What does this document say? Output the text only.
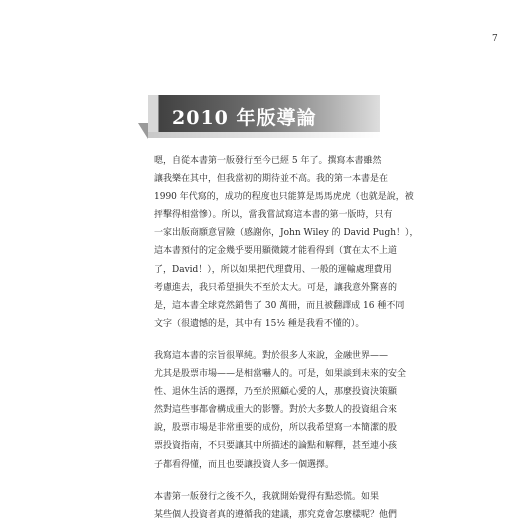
7
2010 年版導論

嗯，自從本書第一版發行至今已經 5 年了。撰寫本書雖然
讓我樂在其中，但我當初的期待並不高。我的第一本書是在
1990 年代寫的，成功的程度也只能算是馬馬虎虎（也就是說，被
抨擊得相當慘）。所以，當我嘗試寫這本書的第一版時，只有
一家出版商願意冒險（感謝你，John Wiley 的 David Pugh！），
這本書預付的定金幾乎要用顯微鏡才能看得到（實在太不上道
了，David！），所以如果把代理費用、一般的運輸處理費用
考慮進去，我只希望損失不至於太大。可是，讓我意外驚喜的
是，這本書全球竟然銷售了 30 萬冊，而且被翻譯成 16 種不同
文字（很遺憾的是，其中有 15½ 種是我看不懂的）。

我寫這本書的宗旨很單純。對於很多人來說，金融世界——
尤其是股票市場——是相當嚇人的。可是，如果談到未來的安全
性、退休生活的選擇，乃至於照顧心愛的人，那麼投資決策顯
然對這些事都會構成重大的影響。對於大多數人的投資組合來
說，股票市場是非常重要的成份，所以我希望寫一本簡潔的股
票投資指南，不只要讓其中所描述的論點和解釋，甚至連小孩
子都看得懂，而且也要讓投資人多一個選擇。

本書第一版發行之後不久，我就開始覺得有點恐慌。如果
某些個人投資者真的遵循我的建議，那究竟會怎麼樣呢？他們
